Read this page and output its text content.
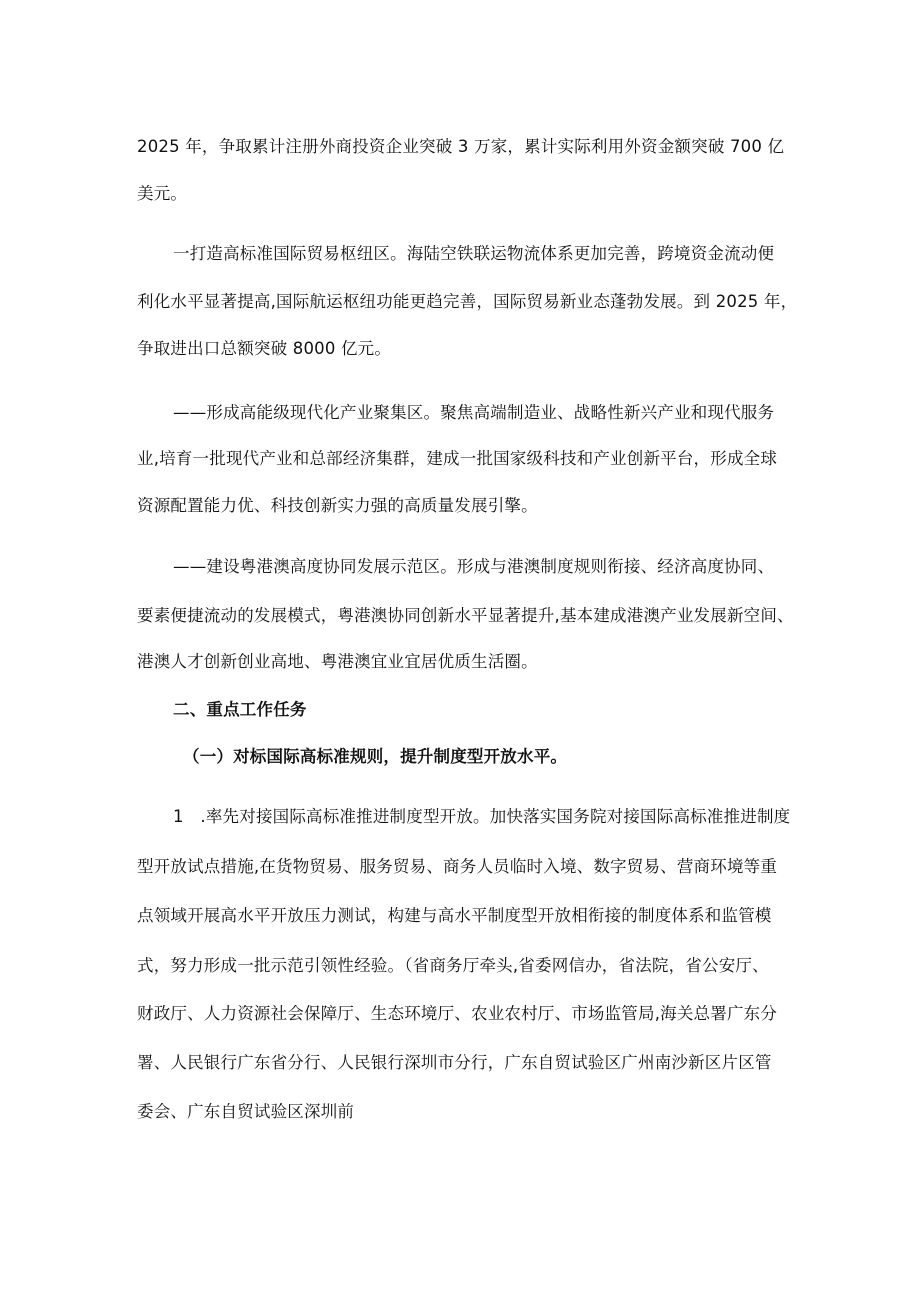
2025 年，争取累计注册外商投资企业突破 3 万家，累计实际利用外资金额突破 700 亿
美元。
一打造高标准国际贸易枢纽区。海陆空铁联运物流体系更加完善，跨境资金流动便
利化水平显著提高,国际航运枢纽功能更趋完善，国际贸易新业态蓬勃发展。到 2025 年，
争取进出口总额突破 8000 亿元。
——形成高能级现代化产业聚集区。聚焦高端制造业、战略性新兴产业和现代服务
业,培育一批现代产业和总部经济集群，建成一批国家级科技和产业创新平台，形成全球
资源配置能力优、科技创新实力强的高质量发展引擎。
——建设粤港澳高度协同发展示范区。形成与港澳制度规则衔接、经济高度协同、
要素便捷流动的发展模式，粤港澳协同创新水平显著提升,基本建成港澳产业发展新空间、
港澳人才创新创业高地、粤港澳宜业宜居优质生活圈。
二、重点工作任务
（一）对标国际高标准规则，提升制度型开放水平。
1　.率先对接国际高标准推进制度型开放。加快落实国务院对接国际高标准推进制度
型开放试点措施,在货物贸易、服务贸易、商务人员临时入境、数字贸易、营商环境等重
点领域开展高水平开放压力测试，构建与高水平制度型开放相衔接的制度体系和监管模
式，努力形成一批示范引领性经验。（省商务厅牵头,省委网信办，省法院，省公安厅、
财政厅、人力资源社会保障厅、生态环境厅、农业农村厅、市场监管局,海关总署广东分
署、人民银行广东省分行、人民银行深圳市分行，广东自贸试验区广州南沙新区片区管
委会、广东自贸试验区深圳前
